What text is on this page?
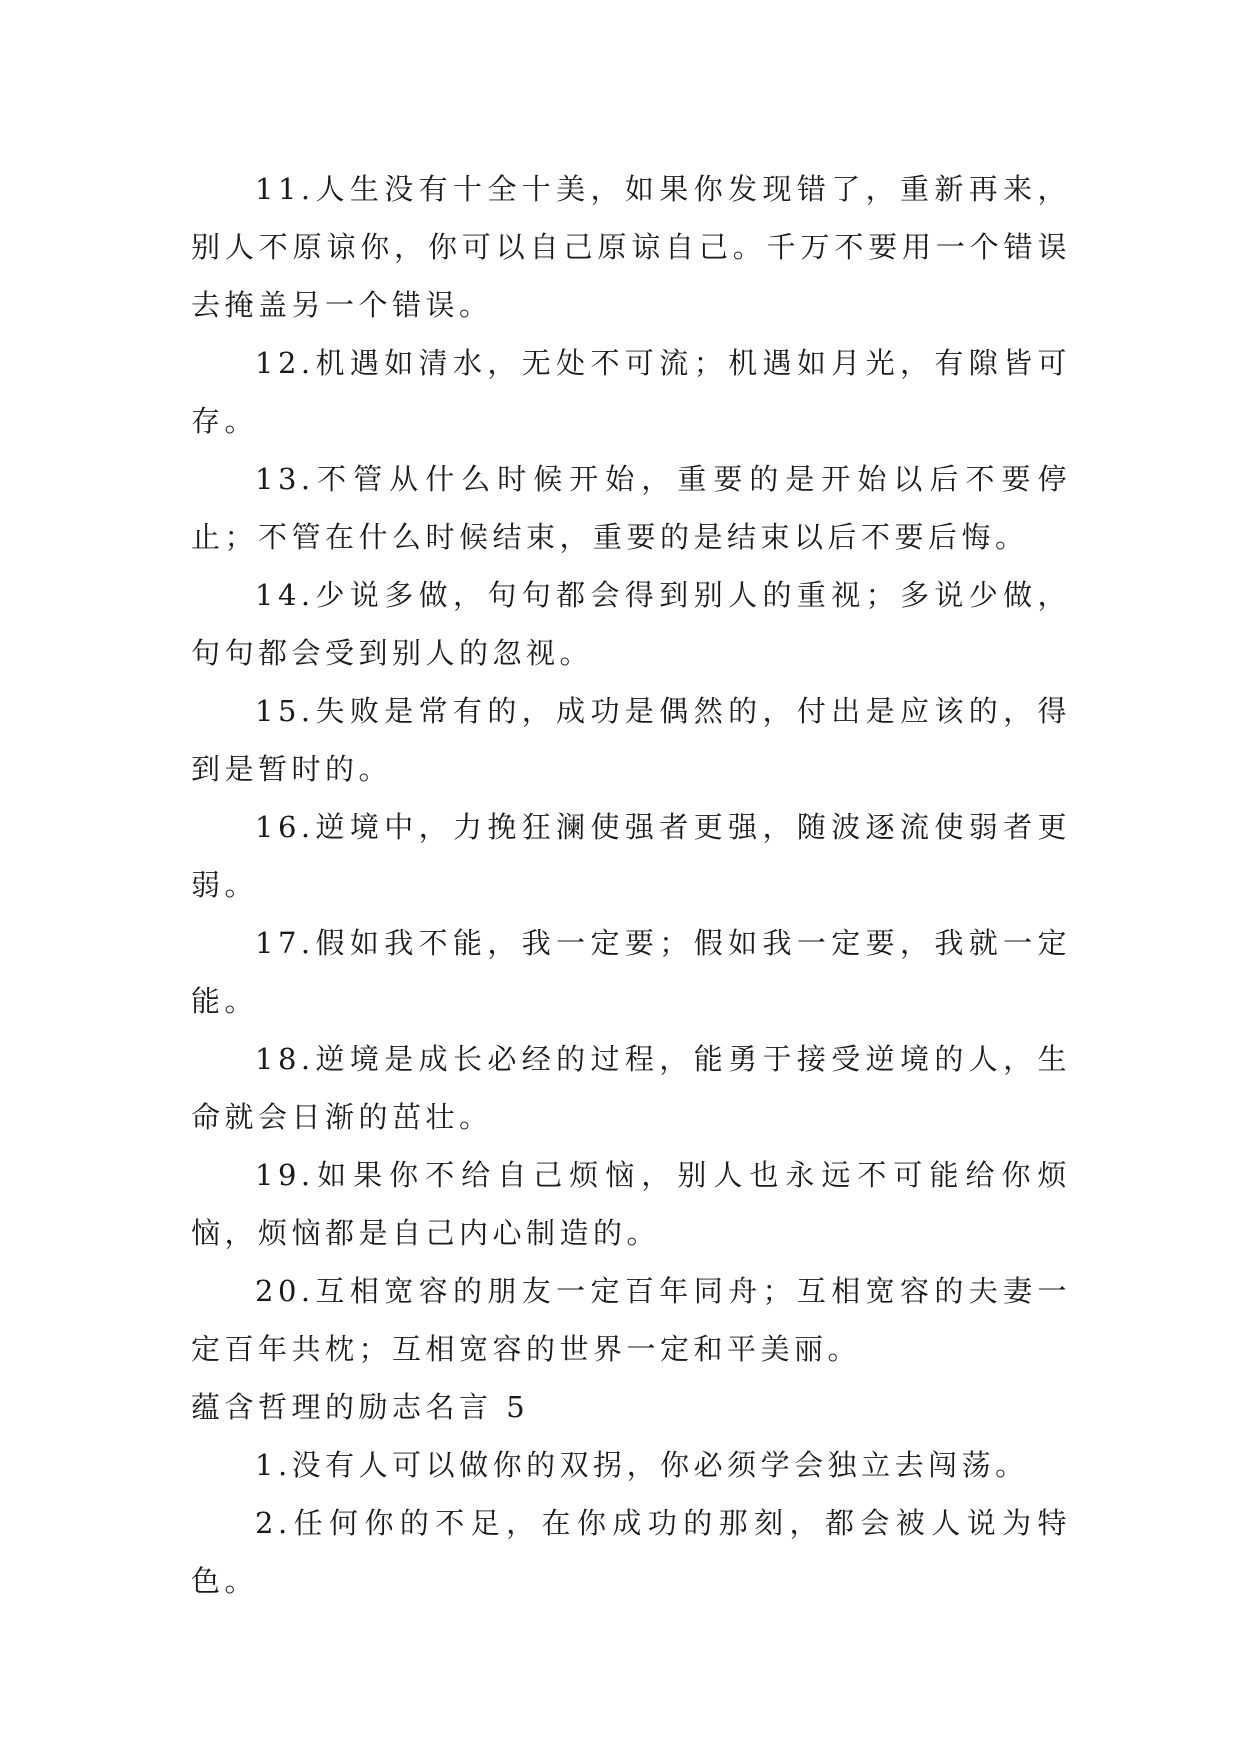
11.人生没有十全十美，如果你发现错了，重新再来，别人不原谅你，你可以自己原谅自己。千万不要用一个错误去掩盖另一个错误。

12.机遇如清水，无处不可流；机遇如月光，有隙皆可存。

13.不管从什么时候开始，重要的是开始以后不要停止；不管在什么时候结束，重要的是结束以后不要后悔。

14.少说多做，句句都会得到别人的重视；多说少做，句句都会受到别人的忽视。

15.失败是常有的，成功是偶然的，付出是应该的，得到是暂时的。

16.逆境中，力挽狂澜使强者更强，随波逐流使弱者更弱。

17.假如我不能，我一定要；假如我一定要，我就一定能。

18.逆境是成长必经的过程，能勇于接受逆境的人，生命就会日渐的茁壮。

19.如果你不给自己烦恼，别人也永远不可能给你烦恼，烦恼都是自己内心制造的。

20.互相宽容的朋友一定百年同舟；互相宽容的夫妻一定百年共枕；互相宽容的世界一定和平美丽。

蕴含哲理的励志名言 5

1.没有人可以做你的双拐，你必须学会独立去闯荡。

2.任何你的不足，在你成功的那刻，都会被人说为特色。
